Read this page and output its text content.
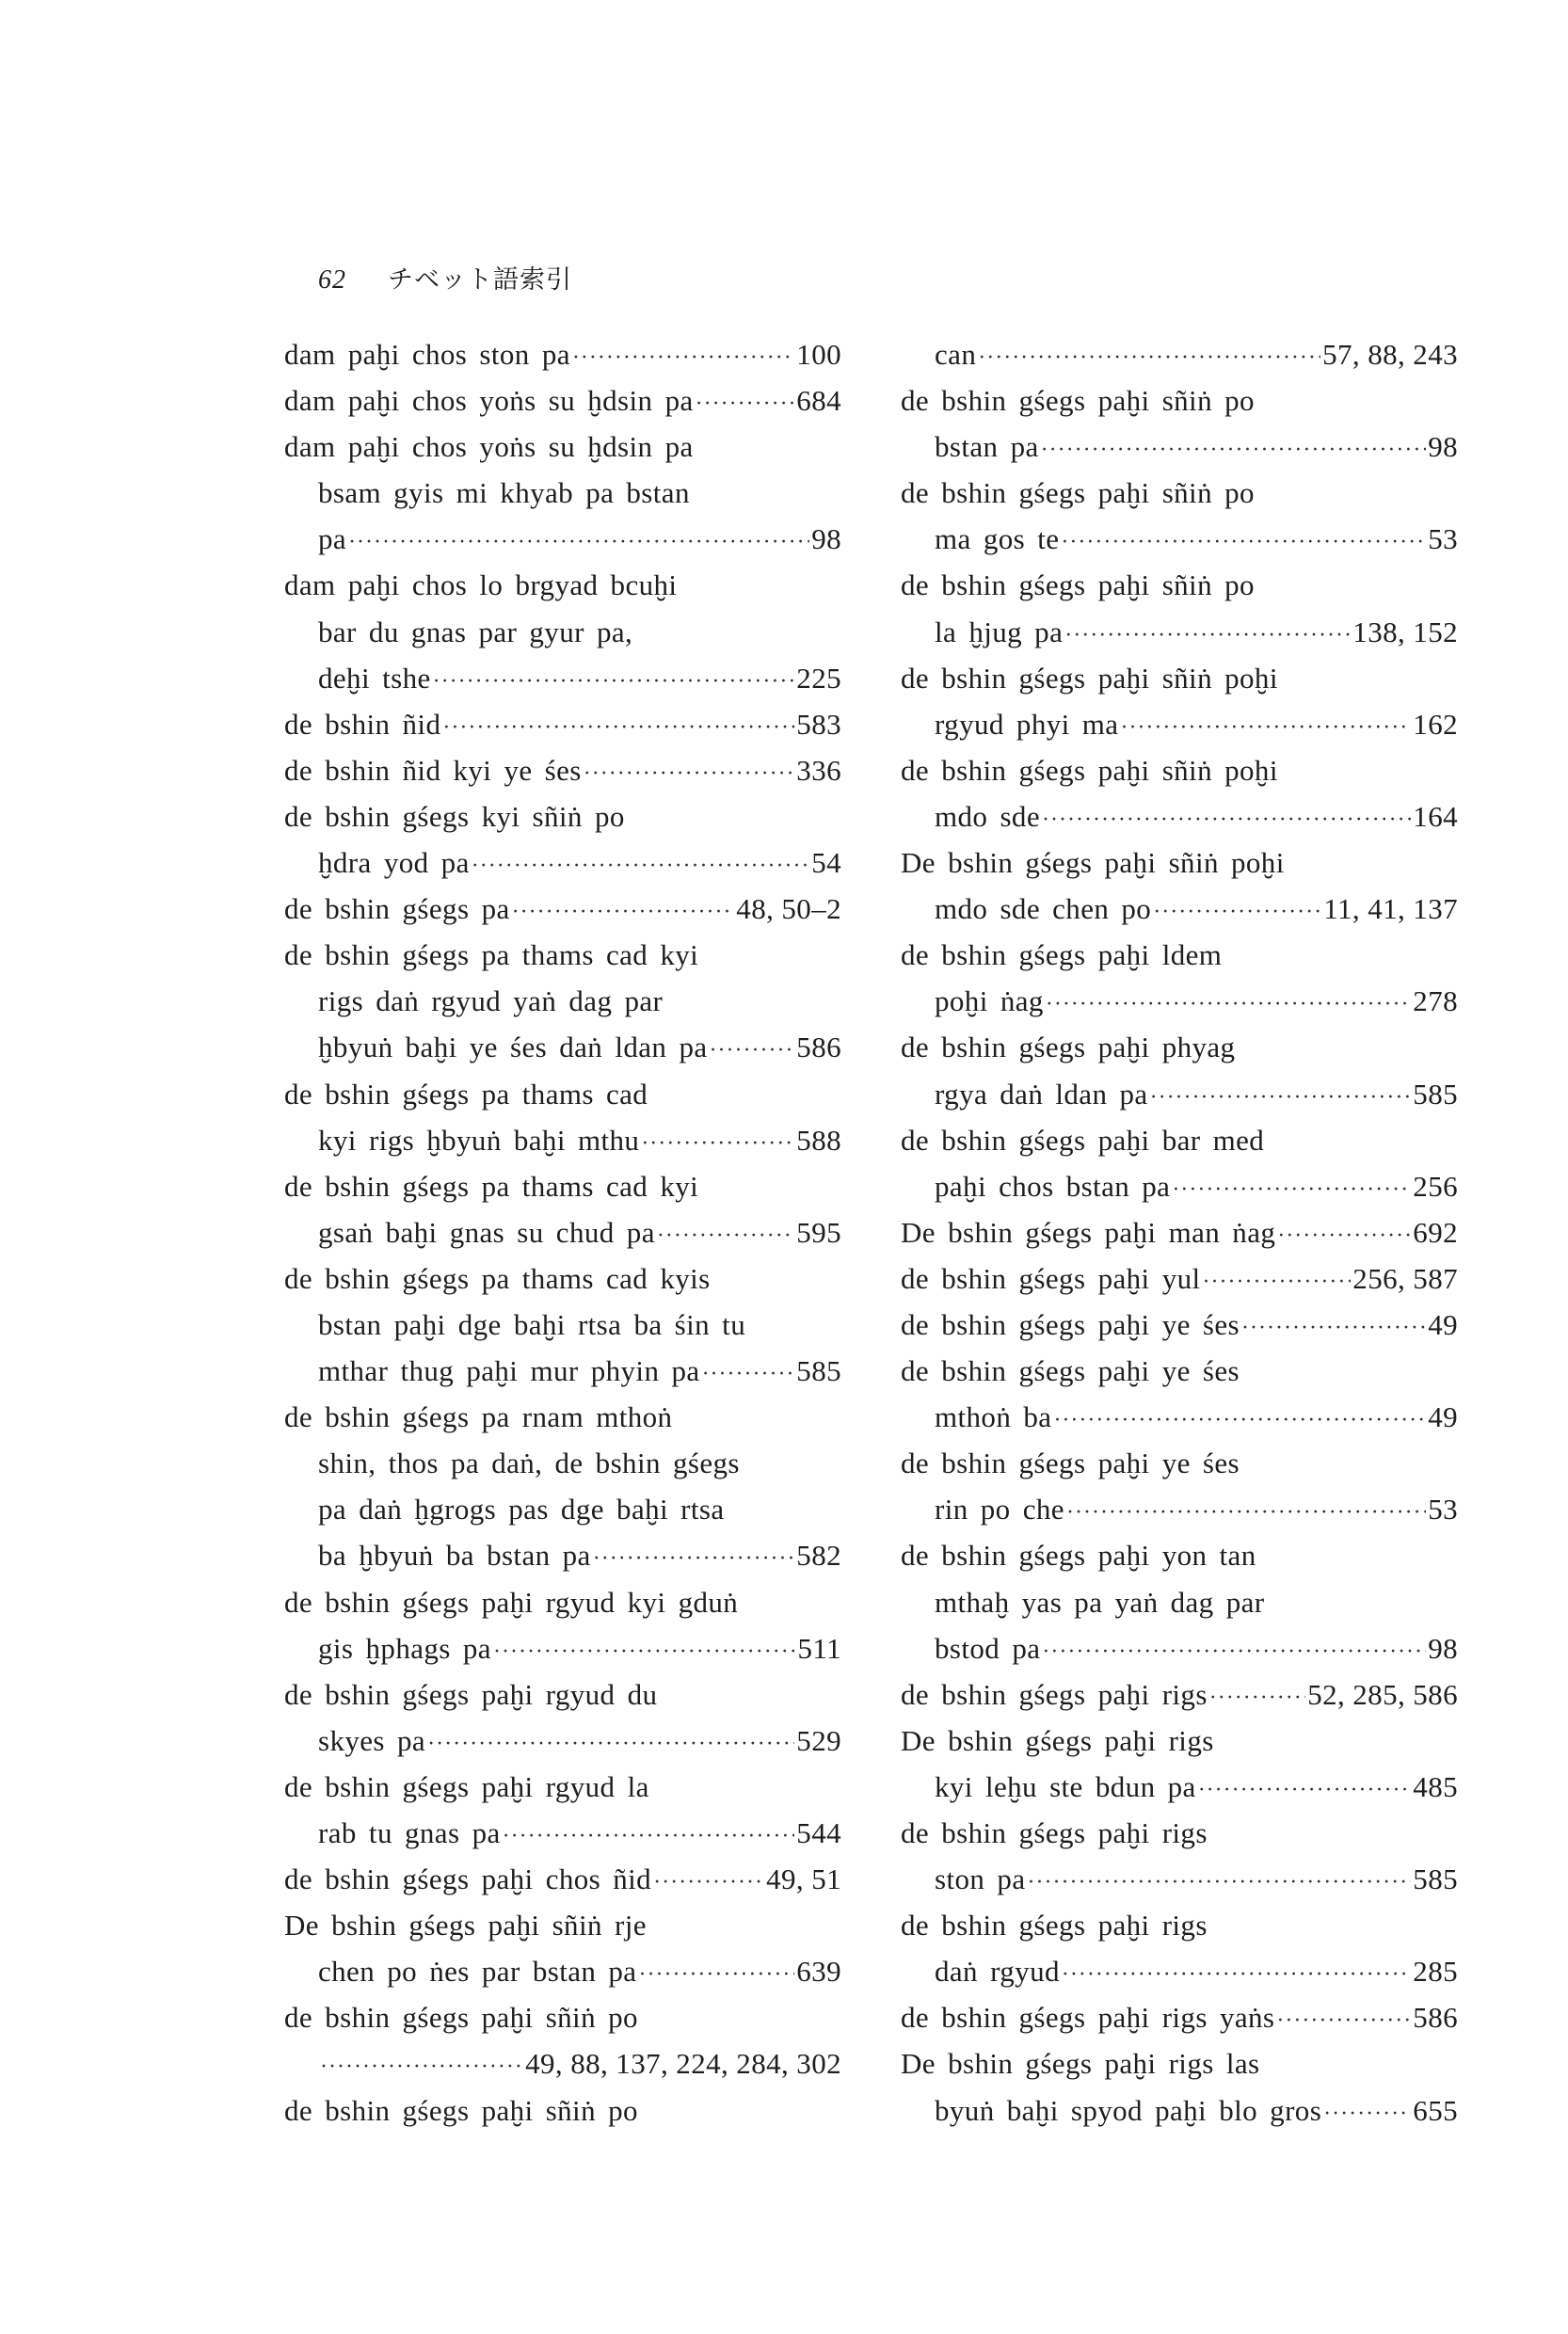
62 チベット語索引
dam paḫi chos ston pa ·····	100
dam paḫi chos yoṅs su ḫdsin pa ·····	684
dam paḫi chos yoṅs su ḫdsin pa
bsam gyis mi khyab pa bstan
pa ·····	98
dam paḫi chos lo brgyad bcuḫi
bar du gnas par gyur pa,
deḫi tshe ·····	225
de bshin ñid ·····	583
de bshin ñid kyi ye śes ·····	336
de bshin gśegs kyi sñiṅ po
ḫdra yod pa ·····	54
de bshin gśegs pa ·····	48, 50–2
de bshin gśegs pa thams cad kyi
rigs daṅ rgyud yaṅ dag par
ḫbyuṅ baḫi ye śes daṅ ldan pa ·····	586
de bshin gśegs pa thams cad
kyi rigs ḫbyuṅ baḫi mthu ·····	588
de bshin gśegs pa thams cad kyi
gsaṅ baḫi gnas su chud pa ·····	595
de bshin gśegs pa thams cad kyis
bstan paḫi dge baḫi rtsa ba śin tu
mthar thug paḫi mur phyin pa ·····	585
de bshin gśegs pa rnam mthoṅ
shin, thos pa daṅ, de bshin gśegs
pa daṅ ḫgrogs pas dge baḫi rtsa
ba ḫbyuṅ ba bstan pa ·····	582
de bshin gśegs paḫi rgyud kyi gduṅ
gis ḫphags pa ·····	511
de bshin gśegs paḫi rgyud du
skyes pa ·····	529
de bshin gśegs paḫi rgyud la
rab tu gnas pa ·····	544
de bshin gśegs paḫi chos ñid ·····	49, 51
De bshin gśegs paḫi sñiṅ rje
chen po ṅes par bstan pa ·····	639
de bshin gśegs paḫi sñiṅ po
·····
49, 88, 137, 224, 284, 302
de bshin gśegs paḫi sñiṅ po
can ·····	57, 88, 243
de bshin gśegs paḫi sñiṅ po
bstan pa ·····	98
de bshin gśegs paḫi sñiṅ po
ma gos te ·····	53
de bshin gśegs paḫi sñiṅ po
la ḫjug pa ·····	138, 152
de bshin gśegs paḫi sñiṅ poḫi
rgyud phyi ma ·····	162
de bshin gśegs paḫi sñiṅ poḫi
mdo sde ·····	164
De bshin gśegs paḫi sñiṅ poḫi
mdo sde chen po ·····	11, 41, 137
de bshin gśegs paḫi ldem
poḫi ṅag ·····	278
de bshin gśegs paḫi phyag
rgya daṅ ldan pa ·····	585
de bshin gśegs paḫi bar med
paḫi chos bstan pa ·····	256
De bshin gśegs paḫi man ṅag ·····	692
de bshin gśegs paḫi yul ·····	256, 587
de bshin gśegs paḫi ye śes ·····	49
de bshin gśegs paḫi ye śes
mthoṅ ba ·····	49
de bshin gśegs paḫi ye śes
rin po che ·····	53
de bshin gśegs paḫi yon tan
mthaḫ yas pa yaṅ dag par
bstod pa ·····	98
de bshin gśegs paḫi rigs ·····	52, 285, 586
De bshin gśegs paḫi rigs
kyi leḫu ste bdun pa ·····	485
de bshin gśegs paḫi rigs
ston pa ·····	585
de bshin gśegs paḫi rigs
daṅ rgyud ·····	285
de bshin gśegs paḫi rigs yaṅs ·····	586
De bshin gśegs paḫi rigs las
byuṅ baḫi spyod paḫi blo gros ·····	655
